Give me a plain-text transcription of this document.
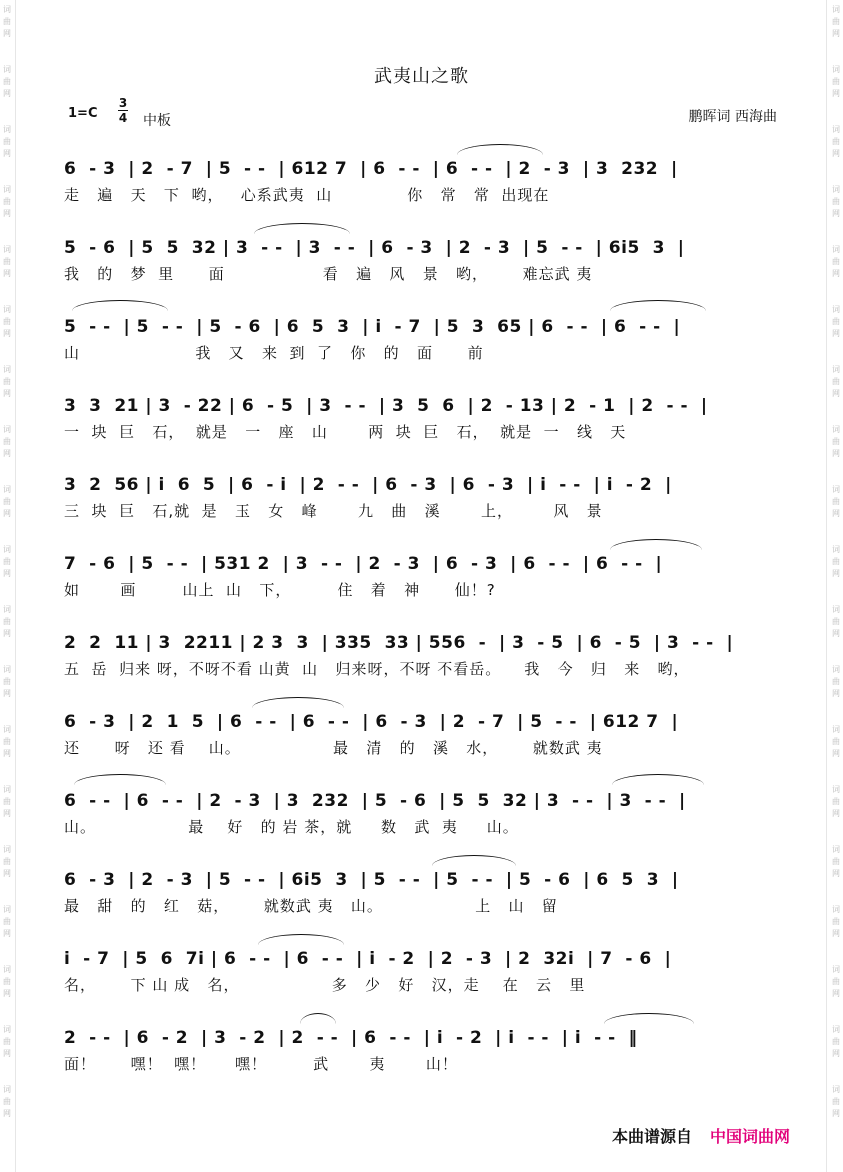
词
曲
网
词
曲
网
词
曲
网
词
曲
网
词
曲
网
词
曲
网
词
曲
网
词
曲
网
词
曲
网
词
曲
网
词
曲
网
词
曲
网
词
曲
网
词
曲
网
词
曲
网
词
曲
网
词
曲
网
词
曲
网
词
曲
网
词
曲
网
词
曲
网
词
曲
网
词
曲
网
词
曲
网
词
曲
网
词
曲
网
词
曲
网
词
曲
网
词
曲
网
词
曲
网
词
曲
网
词
曲
网
词
曲
网
词
曲
网
词
曲
网
词
曲
网
词
曲
网
词
曲
网
武夷山之歌
1=C
3
4 中板	鹏晖词 西海曲
6  - 3  | 2  - 7  | 5  - -  | 612 7  | 6  - -  | 6  - -  | 2  - 3  | 3  232  |
走   遍   天   下  哟，   心系武夷  山             你   常   常  出现在
5  - 6  | 5  5  32 | 3  - -  | 3  - -  | 6  - 3  | 2  - 3  | 5  - -  | 6i5  3  |
我   的   梦  里      面                 看   遍   风   景   哟，      难忘武 夷
5  - -  | 5  - -  | 5  - 6  | 6  5  3  | i  - 7  | 5  3  65 | 6  - -  | 6  - -  |
山                    我   又   来  到  了   你   的   面      前
3  3  21 | 3  - 22 | 6  - 5  | 3  - -  | 3  5  6  | 2  - 13 | 2  - 1  | 2  - -  |
一  块  巨   石，  就是   一   座   山       两  块  巨   石，  就是  一   线   天
3  2  56 | i  6  5  | 6  - i  | 2  - -  | 6  - 3  | 6  - 3  | i  - -  | i  - 2  |
三  块  巨   石,就  是   玉   女   峰       九   曲   溪       上，       风   景
7  - 6  | 5  - -  | 531 2  | 3  - -  | 2  - 3  | 6  - 3  | 6  - -  | 6  - -  |
如       画        山上  山   下，        住   着   神      仙！?
2  2  11 | 3  2211 | 2 3  3  | 335  33 | 556  -  | 3  - 5  | 6  - 5  | 3  - -  |
五  岳  归来 呀，不呀不看 山黄  山   归来呀，不呀 不看岳。    我   今   归   来   哟，
6  - 3  | 2  1  5  | 6  - -  | 6  - -  | 6  - 3  | 2  - 7  | 5  - -  | 612 7  |
还      呀   还 看    山。                最   清   的   溪   水，      就数武 夷
6  - -  | 6  - -  | 2  - 3  | 3  232  | 5  - 6  | 5  5  32 | 3  - -  | 3  - -  |
山。                最    好   的 岩 茶，就     数   武  夷     山。
6  - 3  | 2  - 3  | 5  - -  | 6i5  3  | 5  - -  | 5  - -  | 5  - 6  | 6  5  3  |
最   甜   的   红   菇，      就数武 夷   山。                上   山   留
i  - 7  | 5  6  7i | 6  - -  | 6  - -  | i  - 2  | 2  - 3  | 2  32i  | 7  - 6  |
名，      下 山 成   名，                多   少   好   汉，走    在   云   里
2  - -  | 6  - 2  | 3  - 2  | 2  - -  | 6  - -  | i  - 2  | i  - -  | i  - -  ‖
面！      嘿！  嘿！     嘿！        武       夷       山！
本曲谱源自 中国词曲网
